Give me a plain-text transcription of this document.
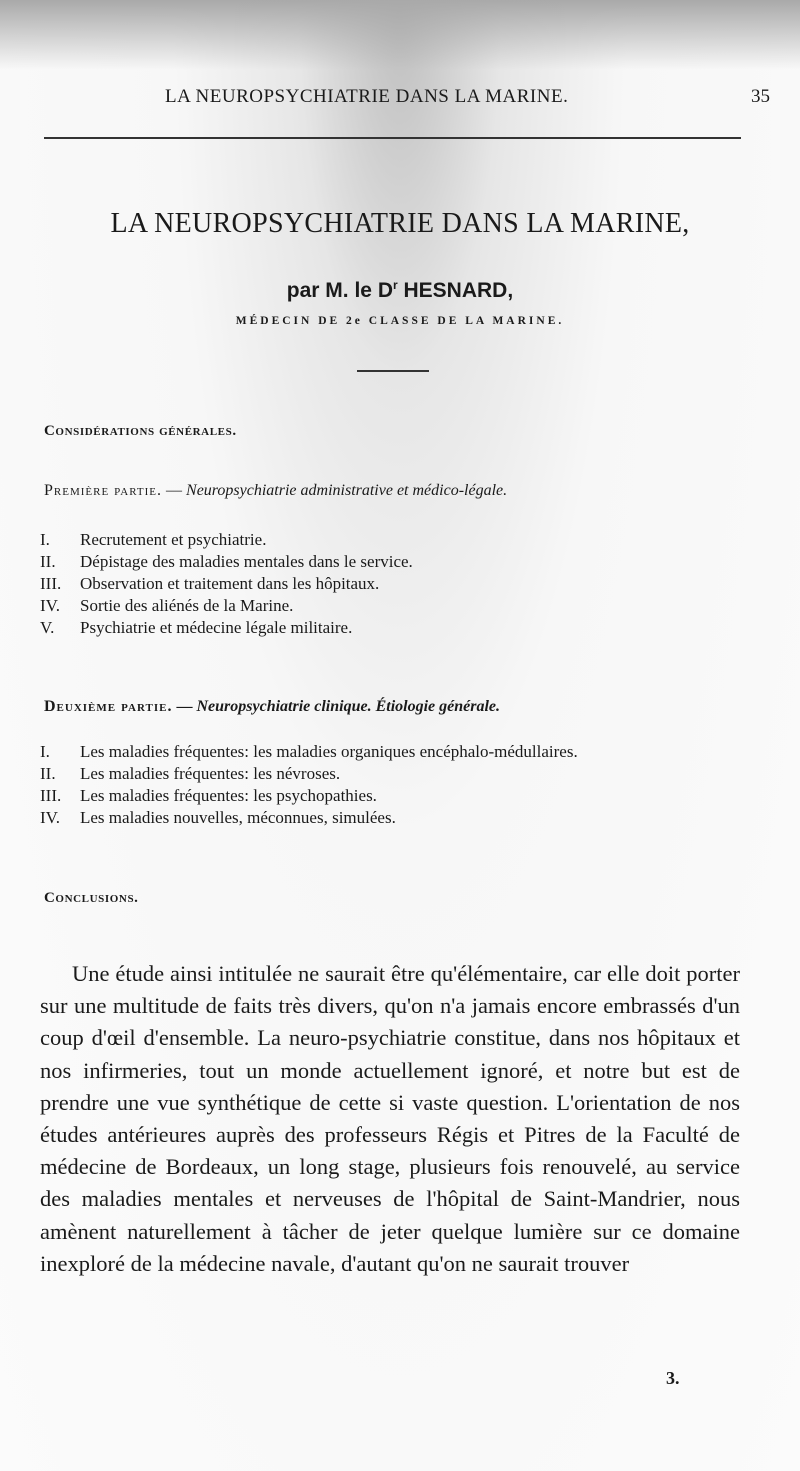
LA NEUROPSYCHIATRIE DANS LA MARINE.	35
LA NEUROPSYCHIATRIE DANS LA MARINE,
par M. le $D^r$ HESNARD,
MÉDECIN DE 2e CLASSE DE LA MARINE.
Considérations générales.
Première partie. — Neuropsychiatrie administrative et médico-légale.
I. Recrutement et psychiatrie.
II. Dépistage des maladies mentales dans le service.
III. Observation et traitement dans les hôpitaux.
IV. Sortie des aliénés de la Marine.
V. Psychiatrie et médecine légale militaire.
Deuxième partie. — Neuropsychiatrie clinique. Étiologie générale.
I. Les maladies fréquentes: les maladies organiques encéphalo-médullaires.
II. Les maladies fréquentes: les névroses.
III. Les maladies fréquentes: les psychopathies.
IV. Les maladies nouvelles, méconnues, simulées.
Conclusions.

Une étude ainsi intitulée ne saurait être qu'élémentaire, car elle doit porter sur une multitude de faits très divers, qu'on n'a jamais encore embrassés d'un coup d'œil d'ensemble. La neuro-psychiatrie constitue, dans nos hôpitaux et nos infirmeries, tout un monde actuellement ignoré, et notre but est de prendre une vue synthétique de cette si vaste question. L'orientation de nos études antérieures auprès des professeurs Régis et Pitres de la Faculté de médecine de Bordeaux, un long stage, plusieurs fois renouvelé, au service des maladies mentales et nerveuses de l'hôpital de Saint-Mandrier, nous amènent naturellement à tâcher de jeter quelque lumière sur ce domaine inexploré de la médecine navale, d'autant qu'on ne saurait trouver

3.
